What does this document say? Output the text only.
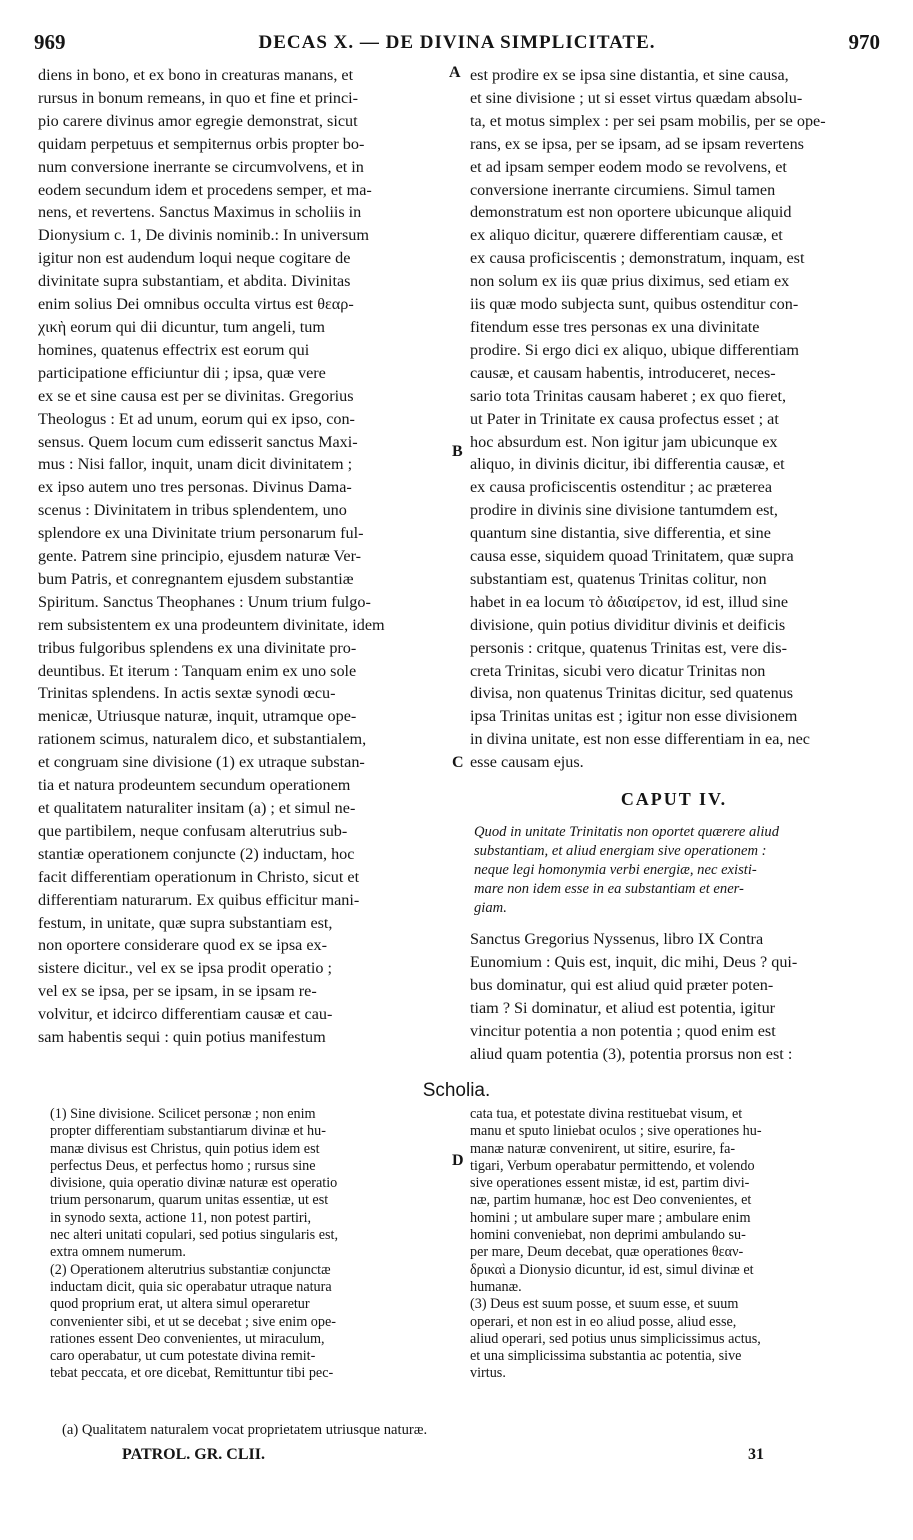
969	DECAS X. — DE DIVINA SIMPLICITATE.	970
A
B
C
D
diens in bono, et ex bono in creaturas manans, et
rursus in bonum remeans, in quo et fine et princi-
pio carere divinus amor egregie demonstrat, sicut
quidam perpetuus et sempiternus orbis propter bo-
num conversione inerrante se circumvolvens, et in
eodem secundum idem et procedens semper, et ma-
nens, et revertens. Sanctus Maximus in scholiis in
Dionysium c. 1, De divinis nominib.: In universum
igitur non est audendum loqui neque cogitare de
divinitate supra substantiam, et abdita. Divinitas
enim solius Dei omnibus occulta virtus est θεαρ-
χικὴ eorum qui dii dicuntur, tum angeli, tum
homines, quatenus effectrix est eorum qui
participatione efficiuntur dii ; ipsa, quæ vere
ex se et sine causa est per se divinitas. Gregorius
Theologus : Et ad unum, eorum qui ex ipso, con-
sensus. Quem locum cum edisserit sanctus Maxi-
mus : Nisi fallor, inquit, unam dicit divinitatem ;
ex ipso autem uno tres personas. Divinus Dama-
scenus : Divinitatem in tribus splendentem, uno
splendore ex una Divinitate trium personarum ful-
gente. Patrem sine principio, ejusdem naturæ Ver-
bum Patris, et conregnantem ejusdem substantiæ
Spiritum. Sanctus Theophanes : Unum trium fulgo-
rem subsistentem ex una prodeuntem divinitate, idem
tribus fulgoribus splendens ex una divinitate pro-
deuntibus. Et iterum : Tanquam enim ex uno sole
Trinitas splendens. In actis sextæ synodi œcu-
menicæ, Utriusque naturæ, inquit, utramque ope-
rationem scimus, naturalem dico, et substantialem,
et congruam sine divisione (1) ex utraque substan-
tia et natura prodeuntem secundum operationem
et qualitatem naturaliter insitam (a) ; et simul ne-
que partibilem, neque confusam alterutrius sub-
stantiæ operationem conjuncte (2) inductam, hoc
facit differentiam operationum in Christo, sicut et
differentiam naturarum. Ex quibus efficitur mani-
festum, in unitate, quæ supra substantiam est,
non oportere considerare quod ex se ipsa ex-
sistere dicitur., vel ex se ipsa prodit operatio ;
vel ex se ipsa, per se ipsam, in se ipsam re-
volvitur, et idcirco differentiam causæ et cau-
sam habentis sequi : quin potius manifestum
est prodire ex se ipsa sine distantia, et sine causa,
et sine divisione ; ut si esset virtus quædam absolu-
ta, et motus simplex : per sei psam mobilis, per se ope-
rans, ex se ipsa, per se ipsam, ad se ipsam revertens
et ad ipsam semper eodem modo se revolvens, et
conversione inerrante circumiens. Simul tamen
demonstratum est non oportere ubicunque aliquid
ex aliquo dicitur, quærere differentiam causæ, et
ex causa proficiscentis ; demonstratum, inquam, est
non solum ex iis quæ prius diximus, sed etiam ex
iis quæ modo subjecta sunt, quibus ostenditur con-
fitendum esse tres personas ex una divinitate
prodire. Si ergo dici ex aliquo, ubique differentiam
causæ, et causam habentis, introduceret, neces-
sario tota Trinitas causam haberet ; ex quo fieret,
ut Pater in Trinitate ex causa profectus esset ; at
hoc absurdum est. Non igitur jam ubicunque ex
aliquo, in divinis dicitur, ibi differentia causæ, et
ex causa proficiscentis ostenditur ; ac præterea
prodire in divinis sine divisione tantumdem est,
quantum sine distantia, sive differentia, et sine
causa esse, siquidem quoad Trinitatem, quæ supra
substantiam est, quatenus Trinitas colitur, non
habet in ea locum τὸ ἀδιαίρετον, id est, illud sine
divisione, quin potius dividitur divinis et deificis
personis : critque, quatenus Trinitas est, vere dis-
creta Trinitas, sicubi vero dicatur Trinitas non
divisa, non quatenus Trinitas dicitur, sed quatenus
ipsa Trinitas unitas est ; igitur non esse divisionem
in divina unitate, est non esse differentiam in ea, nec
esse causam ejus.
CAPUT IV.
Quod in unitate Trinitatis non oportet quærere aliud
substantiam, et aliud energiam sive operationem :
neque legi homonymia verbi energiæ, nec existi-
mare non idem esse in ea substantiam et ener-
giam.
Sanctus Gregorius Nyssenus, libro IX Contra
Eunomium : Quis est, inquit, dic mihi, Deus ? qui-
bus dominatur, qui est aliud quid præter poten-
tiam ? Si dominatur, et aliud est potentia, igitur
vincitur potentia a non potentia ; quod enim est
aliud quam potentia (3), potentia prorsus non est :
Scholia.
(1) Sine divisione. Scilicet personæ ; non enim
propter differentiam substantiarum divinæ et hu-
manæ divisus est Christus, quin potius idem est
perfectus Deus, et perfectus homo ; rursus sine
divisione, quia operatio divinæ naturæ est operatio
trium personarum, quarum unitas essentiæ, ut est
in synodo sexta, actione 11, non potest partiri,
nec alteri unitati copulari, sed potius singularis est,
extra omnem numerum.
(2) Operationem alterutrius substantiæ conjunctæ
inductam dicit, quia sic operabatur utraque natura
quod proprium erat, ut altera simul operaretur
convenienter sibi, et ut se decebat ; sive enim ope-
rationes essent Deo convenientes, ut miraculum,
caro operabatur, ut cum potestate divina remit-
tebat peccata, et ore dicebat, Remittuntur tibi pec-
cata tua, et potestate divina restituebat visum, et
manu et sputo liniebat oculos ; sive operationes hu-
manæ naturæ convenirent, ut sitire, esurire, fa-
tigari, Verbum operabatur permittendo, et volendo
sive operationes essent mistæ, id est, partim divi-
næ, partim humanæ, hoc est Deo convenientes, et
homini ; ut ambulare super mare ; ambulare enim
homini conveniebat, non deprimi ambulando su-
per mare, Deum decebat, quæ operationes θεαν-
δρικαὶ a Dionysio dicuntur, id est, simul divinæ et
humanæ.
(3) Deus est suum posse, et suum esse, et suum
operari, et non est in eo aliud posse, aliud esse,
aliud operari, sed potius unus simplicissimus actus,
et una simplicissima substantia ac potentia, sive
virtus.
(a) Qualitatem naturalem vocat proprietatem utriusque naturæ.
PATROL. GR. CLII.	31
